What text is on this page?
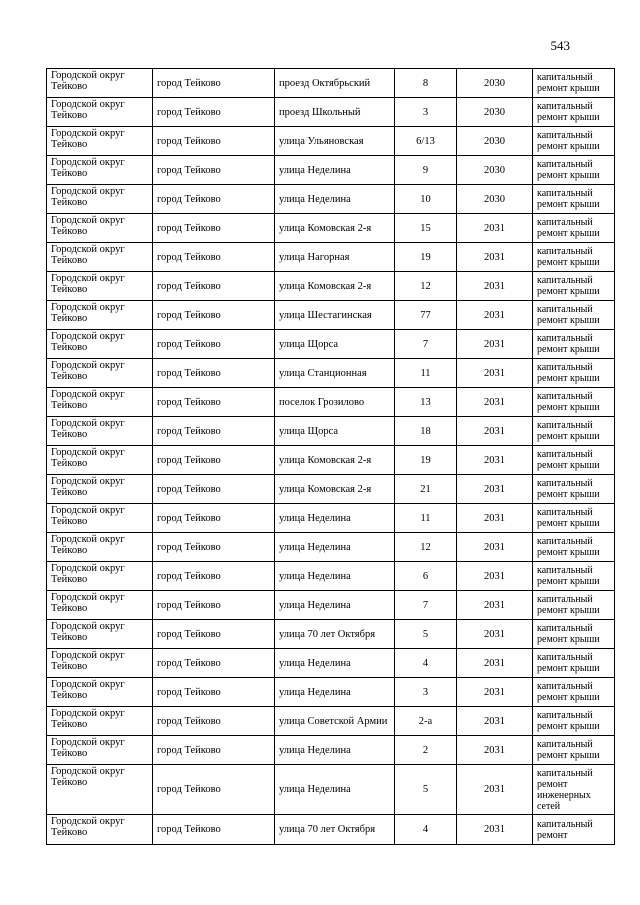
543
Городской округ Тейково	город Тейково	проезд Октябрьский	8	2030	капитальный ремонт крыши
Городской округ Тейково	город Тейково	проезд Школьный	3	2030	капитальный ремонт крыши
Городской округ Тейково	город Тейково	улица Ульяновская	6/13	2030	капитальный ремонт крыши
Городской округ Тейково	город Тейково	улица Неделина	9	2030	капитальный ремонт крыши
Городской округ Тейково	город Тейково	улица Неделина	10	2030	капитальный ремонт крыши
Городской округ Тейково	город Тейково	улица Комовская 2-я	15	2031	капитальный ремонт крыши
Городской округ Тейково	город Тейково	улица Нагорная	19	2031	капитальный ремонт крыши
Городской округ Тейково	город Тейково	улица Комовская 2-я	12	2031	капитальный ремонт крыши
Городской округ Тейково	город Тейково	улица Шестагинская	77	2031	капитальный ремонт крыши
Городской округ Тейково	город Тейково	улица Щорса	7	2031	капитальный ремонт крыши
Городской округ Тейково	город Тейково	улица Станционная	11	2031	капитальный ремонт крыши
Городской округ Тейково	город Тейково	поселок Грозилово	13	2031	капитальный ремонт крыши
Городской округ Тейково	город Тейково	улица Щорса	18	2031	капитальный ремонт крыши
Городской округ Тейково	город Тейково	улица Комовская 2-я	19	2031	капитальный ремонт крыши
Городской округ Тейково	город Тейково	улица Комовская 2-я	21	2031	капитальный ремонт крыши
Городской округ Тейково	город Тейково	улица Неделина	11	2031	капитальный ремонт крыши
Городской округ Тейково	город Тейково	улица Неделина	12	2031	капитальный ремонт крыши
Городской округ Тейково	город Тейково	улица Неделина	6	2031	капитальный ремонт крыши
Городской округ Тейково	город Тейково	улица Неделина	7	2031	капитальный ремонт крыши
Городской округ Тейково	город Тейково	улица 70 лет Октября	5	2031	капитальный ремонт крыши
Городской округ Тейково	город Тейково	улица Неделина	4	2031	капитальный ремонт крыши
Городской округ Тейково	город Тейково	улица Неделина	3	2031	капитальный ремонт крыши
Городской округ Тейково	город Тейково	улица Советской Армии	2-а	2031	капитальный ремонт крыши
Городской округ Тейково	город Тейково	улица Неделина	2	2031	капитальный ремонт крыши
Городской округ Тейково	город Тейково	улица Неделина	5	2031	капитальный ремонт инженерных сетей
Городской округ Тейково	город Тейково	улица 70 лет Октября	4	2031	капитальный ремонт
